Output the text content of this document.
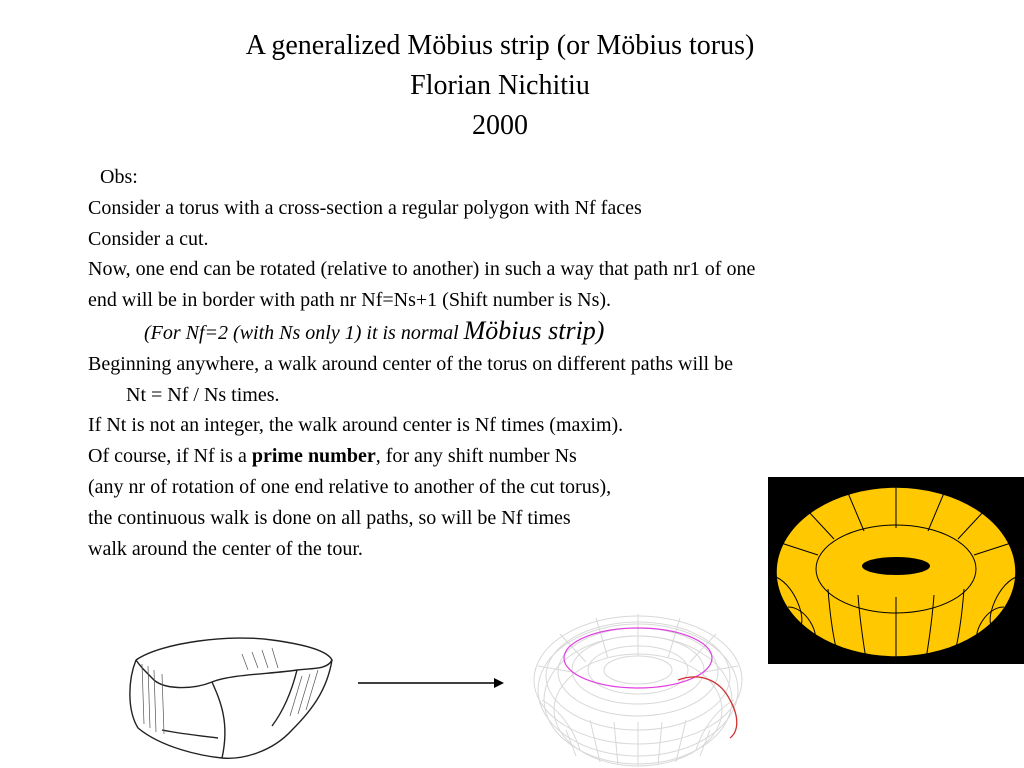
A generalized Möbius strip (or Möbius torus)
Florian Nichitiu
2000
Obs:
Consider a torus with a cross-section a regular polygon with Nf faces
Consider a cut.
Now, one end can be rotated (relative to another) in such a way that path nr1 of one
end will be in border with path nr Nf=Ns+1 (Shift number is Ns).
(For Nf=2 (with Ns only 1) it is normal Möbius strip)
Beginning anywhere, a walk around center of the torus on different paths will be
Nt = Nf / Ns times.
If Nt is not an integer, the walk around center is Nf times (maxim).
Of course, if Nf is a prime number, for any shift number Ns
(any nr of rotation of one end relative to another of the cut torus),
the continuous walk is done on all paths, so will be Nf times
walk around the center of the tour.
